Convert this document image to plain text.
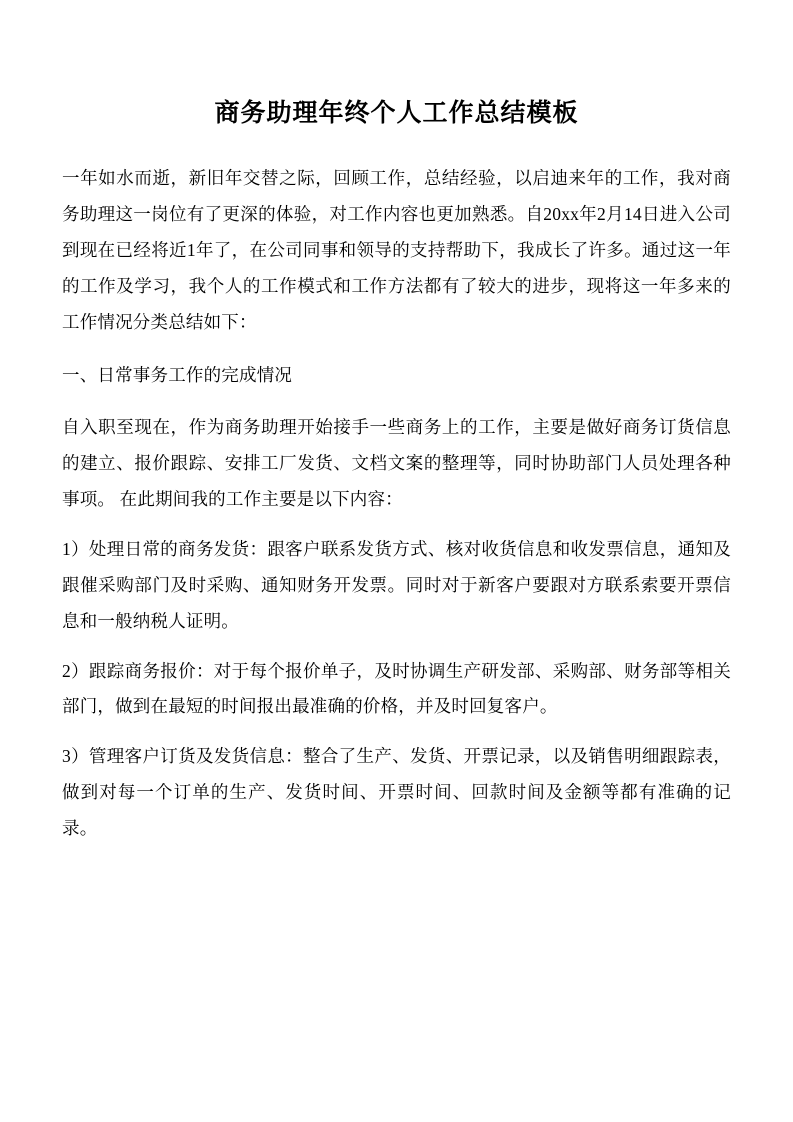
商务助理年终个人工作总结模板

一年如水而逝，新旧年交替之际，回顾工作，总结经验，以启迪来年的工作，我对商务助理这一岗位有了更深的体验，对工作内容也更加熟悉。自20xx年2月14日进入公司到现在已经将近1年了，在公司同事和领导的支持帮助下，我成长了许多。通过这一年的工作及学习，我个人的工作模式和工作方法都有了较大的进步，现将这一年多来的工作情况分类总结如下：

一、日常事务工作的完成情况

自入职至现在，作为商务助理开始接手一些商务上的工作，主要是做好商务订货信息的建立、报价跟踪、安排工厂发货、文档文案的整理等，同时协助部门人员处理各种事项。 在此期间我的工作主要是以下内容：

1）处理日常的商务发货：跟客户联系发货方式、核对收货信息和收发票信息，通知及跟催采购部门及时采购、通知财务开发票。同时对于新客户要跟对方联系索要开票信息和一般纳税人证明。

2）跟踪商务报价：对于每个报价单子，及时协调生产研发部、采购部、财务部等相关部门，做到在最短的时间报出最准确的价格，并及时回复客户。

3）管理客户订货及发货信息：整合了生产、发货、开票记录，以及销售明细跟踪表，做到对每一个订单的生产、发货时间、开票时间、回款时间及金额等都有准确的记录。
